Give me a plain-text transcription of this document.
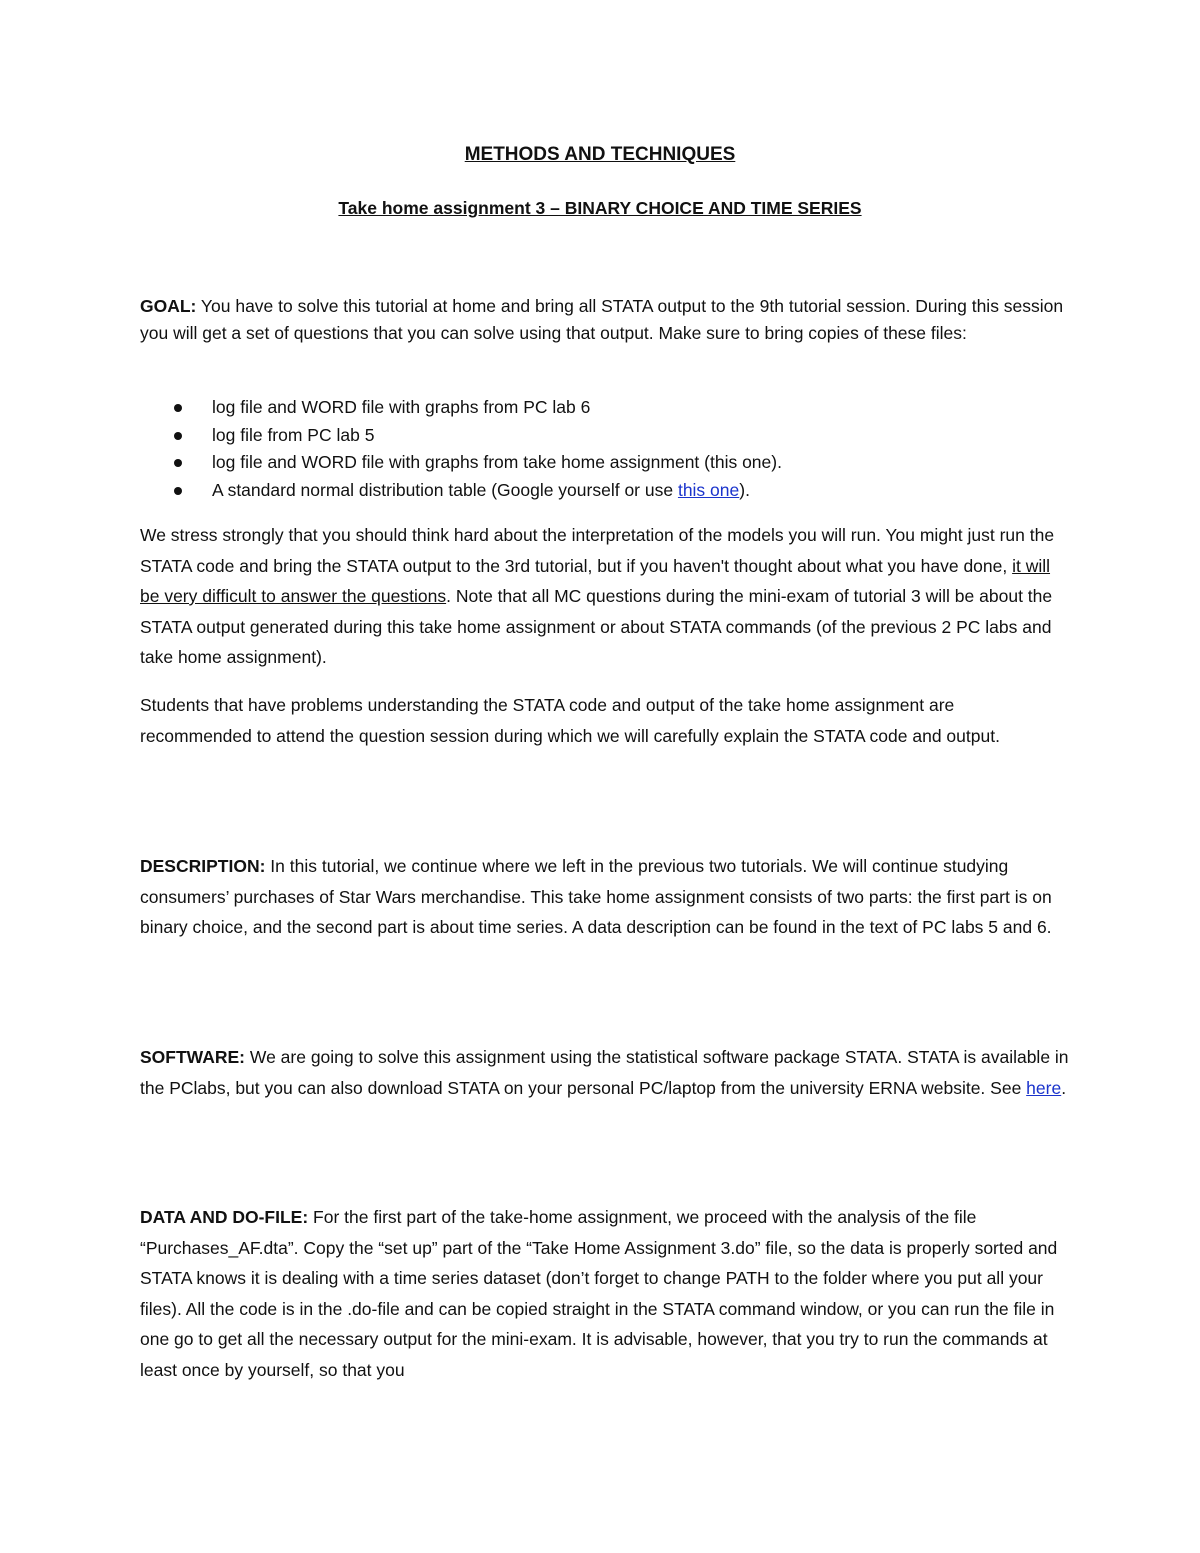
METHODS AND TECHNIQUES
Take home assignment 3 – BINARY CHOICE AND TIME SERIES

GOAL: You have to solve this tutorial at home and bring all STATA output to the 9th tutorial session. During this session you will get a set of questions that you can solve using that output. Make sure to bring copies of these files:

log file and WORD file with graphs from PC lab 6
log file from PC lab 5
log file and WORD file with graphs from take home assignment (this one).
A standard normal distribution table (Google yourself or use this one).

We stress strongly that you should think hard about the interpretation of the models you will run. You might just run the STATA code and bring the STATA output to the 3rd tutorial, but if you haven't thought about what you have done, it will be very difficult to answer the questions. Note that all MC questions during the mini-exam of tutorial 3 will be about the STATA output generated during this take home assignment or about STATA commands (of the previous 2 PC labs and take home assignment).

Students that have problems understanding the STATA code and output of the take home assignment are recommended to attend the question session during which we will carefully explain the STATA code and output.

DESCRIPTION: In this tutorial, we continue where we left in the previous two tutorials. We will continue studying consumers’ purchases of Star Wars merchandise. This take home assignment consists of two parts: the first part is on binary choice, and the second part is about time series. A data description can be found in the text of PC labs 5 and 6.

SOFTWARE: We are going to solve this assignment using the statistical software package STATA. STATA is available in the PClabs, but you can also download STATA on your personal PC/laptop from the university ERNA website. See here.

DATA AND DO-FILE: For the first part of the take-home assignment, we proceed with the analysis of the file “Purchases_AF.dta”. Copy the “set up” part of the “Take Home Assignment 3.do” file, so the data is properly sorted and STATA knows it is dealing with a time series dataset (don’t forget to change PATH to the folder where you put all your files). All the code is in the .do-file and can be copied straight in the STATA command window, or you can run the file in one go to get all the necessary output for the mini-exam. It is advisable, however, that you try to run the commands at least once by yourself, so that you
